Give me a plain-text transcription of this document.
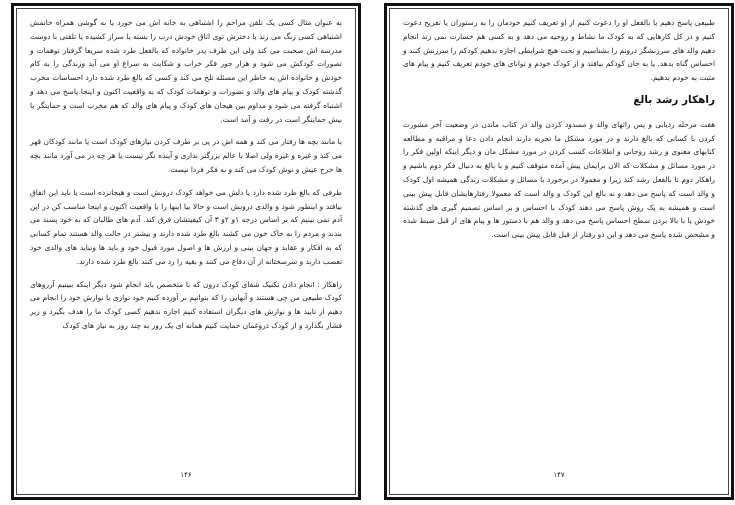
به عنوان مثال کسی یک تلفن مزاحم را اشتباهی به خانه اش می خورد یا به گوشی همراه خانمش اشتباهی کسی زنگ می زند یا دخترش توی اتاق خودش درب را بسته یا سراز کشیده یا تلفنی با دوست مدرسه اش صحبت می کند ولی این طرف پدر خانواده که بالفعل طرد شده سریعا گرفتار توهمات و تصورات کودکش می شود و هزار جور فکر خراب و شکایت به سراغ او می آید وزندگی را به کام خودش و خانواده اش به خاطر این مسئله تلخ می کند و کسی که بالغ طرد شده دارد احساسات مخرب گذشته کودک و پیام های والد و تصورات و توهمات کودک که به واقعیت اکنون و اینجا پاسخ می دهد و اشتباه گرفته می شود و مداوم بین هیجان های کودک و پیام های والد که هم مخرب است و حمایتگر یا بیش حمایتگر است در رفت و آمد است.

با مانند بچه ها رفتار می کند و همه اش در پی بر طرف کردن نیازهای کودک است یا مانند کودکان قهر می کند و غیره و غیره ولی اصلا با عالم بزرگتر نداری و آینده نگر نیست یا هر چه در می آورد مانند بچه ها خرج عیش و نوش کودک می کند و به فکر فردا نیست.

طرفی که بالغ طرد شده دارد یا دلش می خواهد کودک درونش است و هیجانزده است یا باید این اتفاق بیافتد و اینطور شود و والدی درونش است و حالا بیا اینها را با واقعیت اکنون و اینجا مناسب کن در این آدم نمی بینیم که بر اساس درجه ۱و ۲و ۳ آن کیفیتشان فرق کند. آدم های طالبان که به خود پسند می بندند و مردم را به خاک خون می کشند بالغ طرد شده دارند و بیشتر در حالت والد هستند تمام کسانی که به افکار و عقاید و جهان بینی و ارزش ها و اصول مورد قبول خود و باید ها ونباید های والدی خود تعصب دارند و سرسختانه از آن دفاع می کنند و بقیه را رد می کنند بالغ طرد شده دارند.

راهکار : انجام دادن تکنیک شفای کودک درون که با متخصص باید انجام شود دیگر اینکه ببینیم آرزوهای کودک طبیعی من چی هستند و آنهایی را که بتوانیم بر آورده کنیم خود نوازی یا نوازش خود را انجام می دهیم از تایید ها و نوازش های دیگران استفاده کنیم اجازه ندهیم کسی کودک ما را هدف بگیرد و زیر فشار بگذارد و از کودک دروغمان حمایت کنیم همانه ای یک روز به چند روز به نیاز های کودک

۱۴۶

طبیعی پاسخ دهیم یا بالفعل او را دعوت کنیم از او تعریف کنیم خودمان را به رستوران یا تفریح دعوت کنیم و در کل کارهایی که به کودک ما نشاط و روحیه می دهد و به کسی هم خسارت نمی زند انجام دهیم والد های سرزنشگر درونم را بشناسیم و تحت هیچ شرایطی اجازه ندهیم کودکم را سرزنش کنند و احساس گناه بدهد. یا به جان کودکم بیافتد و از کودک خودم و توانای های خودم تعریف کنیم و پیام های مثبت به خودم بدهیم.

راهکار رشد بالغ

هفت مرحله ردیابی و پس راتهای والد و مسدود کردن والد در کتاب ماندن در وضعیت آخر مشورت کردن با کسانی که بالغ دارند و در مورد مشکل ما تجربه دارند انجام دادن دعا و مراقبه و مطالعه کتابهای معنوی و رشد روحانی و اطلاعات کسب کردن در مورد مشکل مان و دیگر اینکه اولین فکر را در مورد مسائل و مشکلات که الان برایمان پیش آمده متوقف کنیم و با بالغ به دنبال فکر دوم باشیم و راهکار دوم تا بالفعل رشد کند زیرا و معمولا در برخورد با مسائل و مشکلات زندگی همیشه اول کودک و والد است که پاسخ می دهد و نه بالغ این کودک و والد است که معمولا رفتارهایشان قابل پیش بینی است و همیشه به یک روش پاسخ می دهند کودک با احساس و بر اساس تصمیم گیری های گذشته خودش یا با بالا بردن سطح احساس پاسخ می دهد و والد هم با دستور ها و پیام های از قبل ضبط شده و مشخص شده پاسخ می دهد و این دو رفتار از قبل قابل پیش بینی است.

۱۴۷
